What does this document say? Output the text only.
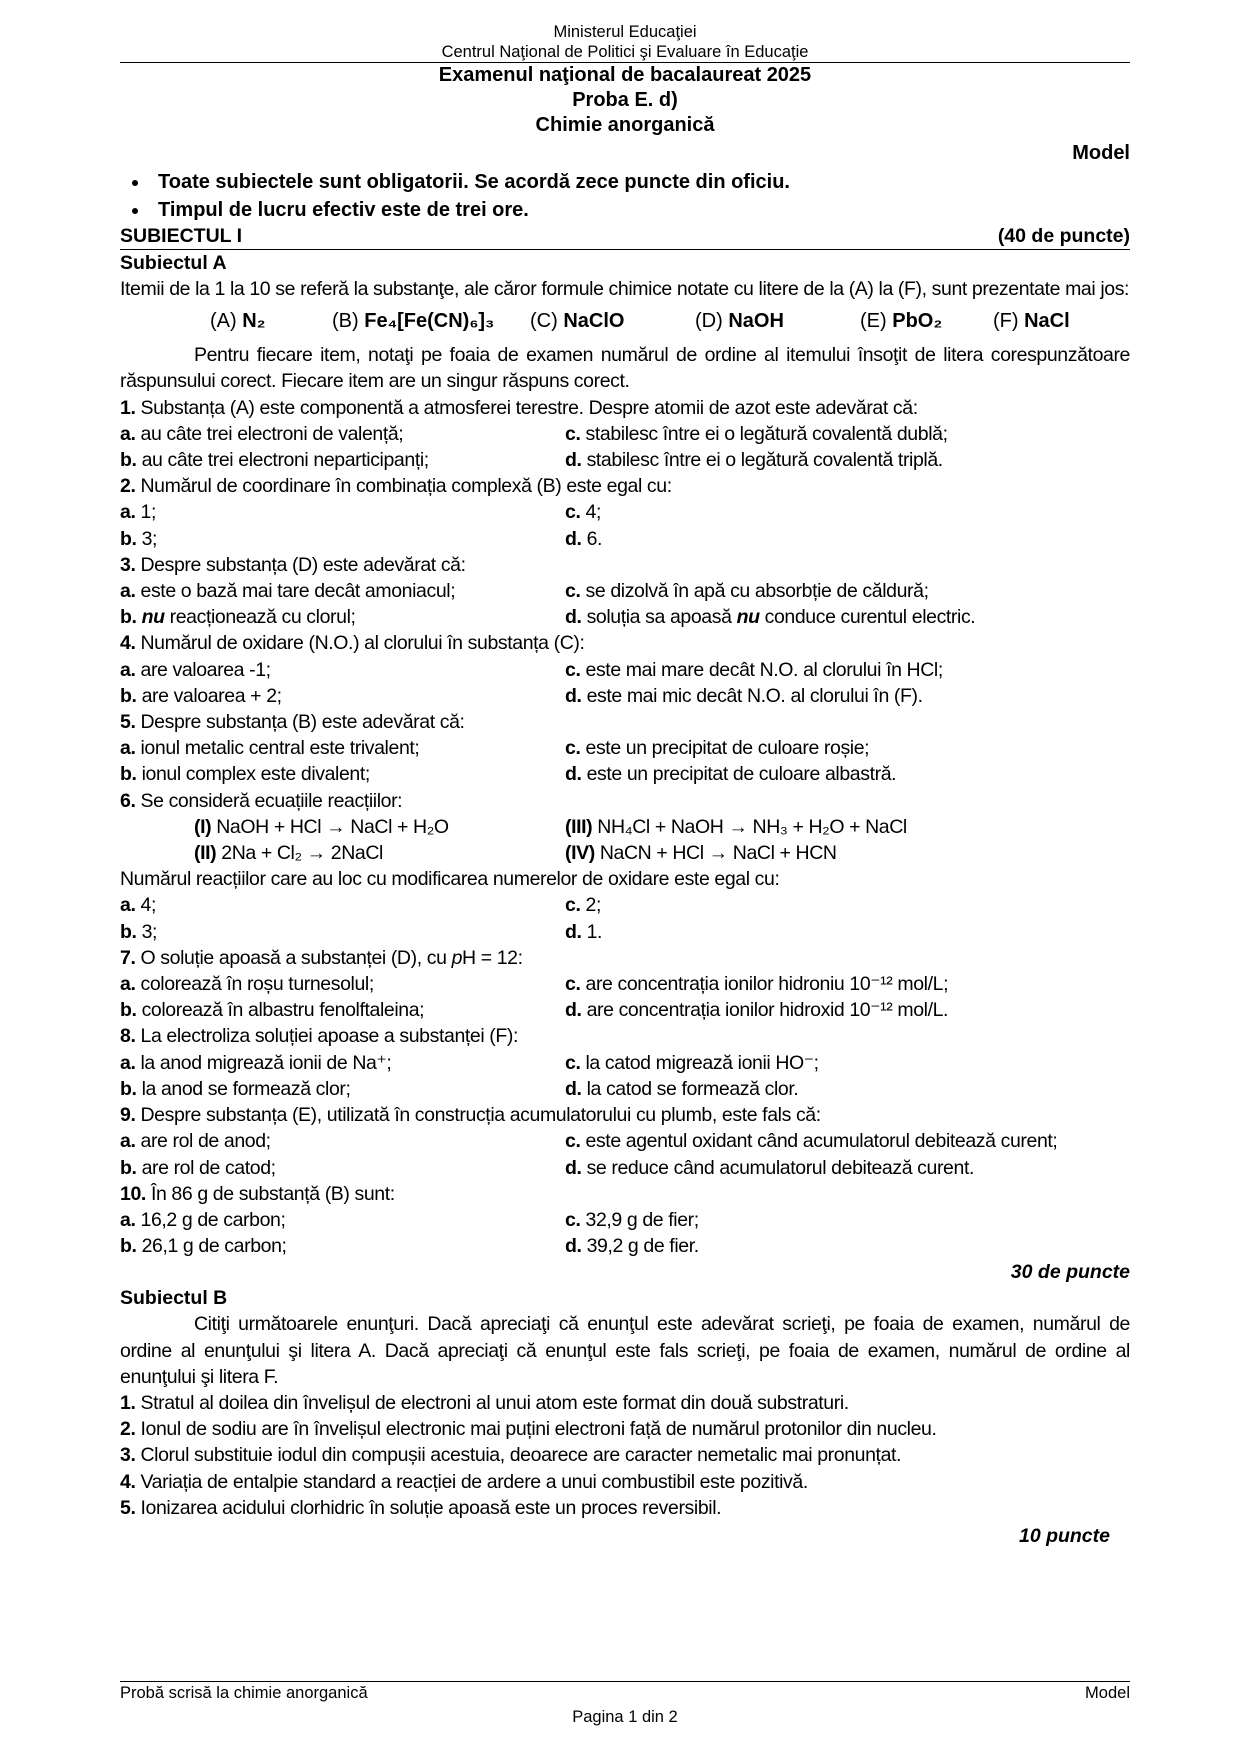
Ministerul Educaţiei
Centrul Naţional de Politici şi Evaluare în Educaţie
Examenul naţional de bacalaureat 2025
Proba E. d)
Chimie anorganică
Model
• Toate subiectele sunt obligatorii. Se acordă zece puncte din oficiu.
• Timpul de lucru efectiv este de trei ore.
SUBIECTUL I	(40 de puncte)
Subiectul A
Itemii de la 1 la 10 se referă la substanţe, ale căror formule chimice notate cu litere de la (A) la (F), sunt prezentate mai jos:
(A) N₂	(B) Fe₄[Fe(CN)₆]₃ (C) NaClO	(D) NaOH	(E) PbO₂	(F) NaCl
Pentru fiecare item, notaţi pe foaia de examen numărul de ordine al itemului însoţit de litera corespunzătoare răspunsului corect. Fiecare item are un singur răspuns corect.
1. Substanța (A) este componentă a atmosferei terestre. Despre atomii de azot este adevărat că:
a. au câte trei electroni de valență;	c. stabilesc între ei o legătură covalentă dublă;
b. au câte trei electroni neparticipanți;	d. stabilesc între ei o legătură covalentă triplă.
2. Numărul de coordinare în combinația complexă (B) este egal cu:
a. 1;	c. 4;
b. 3;	d. 6.
3. Despre substanța (D) este adevărat că:
a. este o bază mai tare decât amoniacul;	c. se dizolvă în apă cu absorbție de căldură;
b. nu reacționează cu clorul;	d. soluția sa apoasă nu conduce curentul electric.
4. Numărul de oxidare (N.O.) al clorului în substanța (C):
a. are valoarea -1;	c. este mai mare decât N.O. al clorului în HCl;
b. are valoarea + 2;	d. este mai mic decât N.O. al clorului în (F).
5. Despre substanța (B) este adevărat că:
a. ionul metalic central este trivalent;	c. este un precipitat de culoare roșie;
b. ionul complex este divalent;	d. este un precipitat de culoare albastră.
6. Se consideră ecuațiile reacțiilor:
(I) NaOH + HCl → NaCl + H₂O	(III) NH₄Cl + NaOH → NH₃ + H₂O + NaCl
(II) 2Na + Cl₂ → 2NaCl	(IV) NaCN + HCl → NaCl + HCN
Numărul reacțiilor care au loc cu modificarea numerelor de oxidare este egal cu:
a. 4;	c. 2;
b. 3;	d. 1.
7. O soluție apoasă a substanței (D), cu pH = 12:
a. colorează în roșu turnesolul;	c. are concentrația ionilor hidroniu 10⁻¹² mol/L;
b. colorează în albastru fenolftaleina;	d. are concentrația ionilor hidroxid 10⁻¹² mol/L.
8. La electroliza soluției apoase a substanței (F):
a. la anod migrează ionii de Na⁺;	c. la catod migrează ionii HO⁻;
b. la anod se formează clor;	d. la catod se formează clor.
9. Despre substanța (E), utilizată în construcția acumulatorului cu plumb, este fals că:
a. are rol de anod;	c. este agentul oxidant când acumulatorul debitează curent;
b. are rol de catod;	d. se reduce când acumulatorul debitează curent.
10. În 86 g de substanță (B) sunt:
a. 16,2 g de carbon;	c. 32,9 g de fier;
b. 26,1 g de carbon;	d. 39,2 g de fier.
30 de puncte
Subiectul B
Citiţi următoarele enunţuri. Dacă apreciaţi că enunţul este adevărat scrieţi, pe foaia de examen, numărul de ordine al enunţului şi litera A. Dacă apreciaţi că enunţul este fals scrieţi, pe foaia de examen, numărul de ordine al enunţului şi litera F.
1. Stratul al doilea din învelișul de electroni al unui atom este format din două substraturi.
2. Ionul de sodiu are în învelișul electronic mai puțini electroni față de numărul protonilor din nucleu.
3. Clorul substituie iodul din compușii acestuia, deoarece are caracter nemetalic mai pronunțat.
4. Variația de entalpie standard a reacției de ardere a unui combustibil este pozitivă.
5. Ionizarea acidului clorhidric în soluție apoasă este un proces reversibil.
10 puncte
Probă scrisă la chimie anorganică	Model
Pagina 1 din 2
